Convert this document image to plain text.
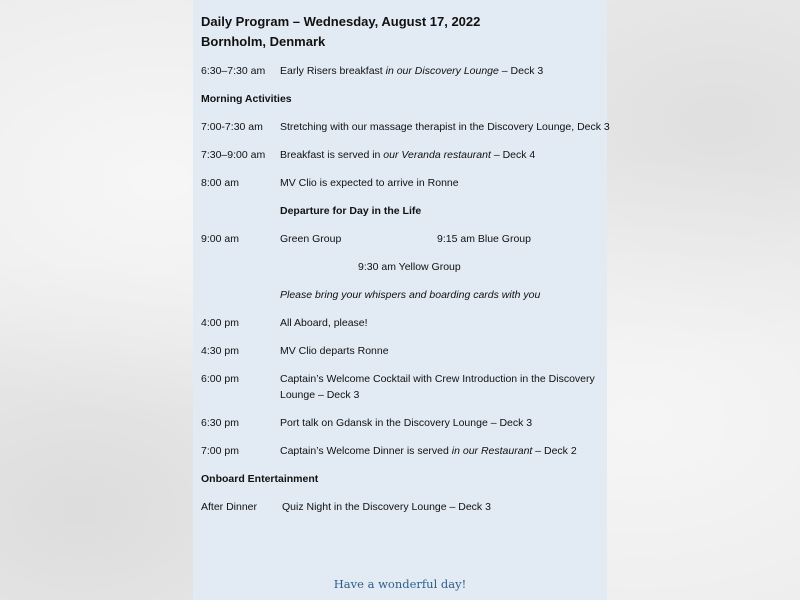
Daily Program – Wednesday, August 17, 2022
Bornholm, Denmark
6:30–7:30 am Early Risers breakfast in our Discovery Lounge – Deck 3
Morning Activities
7:00-7:30 am Stretching with our massage therapist in the Discovery Lounge, Deck 3
7:30–9:00 am Breakfast is served in our Veranda restaurant – Deck 4
8:00 am	MV Clio is expected to arrive in Ronne
Departure for Day in the Life
9:00 am	Green Group	9:15 am Blue Group
9:30 am Yellow Group
Please bring your whispers and boarding cards with you
4:00 pm	All Aboard, please!
4:30 pm	MV Clio departs Ronne
6:00 pm	Captain’s Welcome Cocktail with Crew Introduction in the Discovery
Lounge – Deck 3
6:30 pm	Port talk on Gdansk in the Discovery Lounge – Deck 3
7:00 pm	Captain’s Welcome Dinner is served in our Restaurant – Deck 2
Onboard Entertainment
After Dinner Quiz Night in the Discovery Lounge – Deck 3
Have a wonderful day!
